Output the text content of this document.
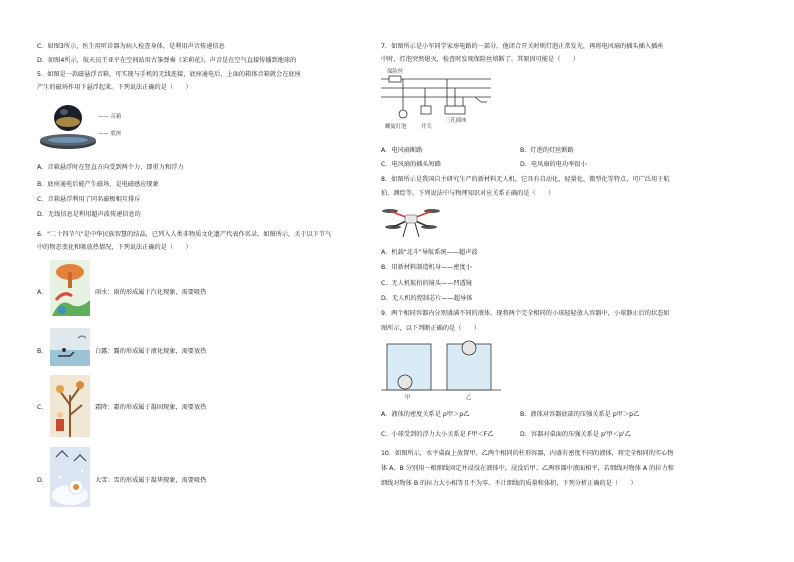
C．如图3所示，医生用听诊器为病人检查身体，是利用声音传递信息
D．如图4所示，航天员王亚平在空间站用古筝弹奏《茉莉花》，声音是在空气直接传播到地球的
5．如图是一款磁悬浮音箱，可实现与手机的无线连接，底座通电后，上面的箱体音箱就会在底座
产生的磁场作用下悬浮起来。下列说法正确的是（　　）
—— 音箱
—— 底座
A．音箱悬浮时在竖直方向受到两个力，即重力和浮力
B．底座通电后能产生磁场，是电磁感应现象
C．音箱悬浮利用了同名磁极相互排斥
D．无线信息是利用超声波传递信息的
6．"二十四节气"是中华民族智慧的结晶，已列入人类非物质文化遗产代表作名录。如图所示，关于以下节气
中的物态变化和吸放热情况，下列说法正确的是（　　）
A．	雨水：雨的形成属于汽化现象，需要吸热
B．	白露：露的形成属于液化现象，需要放热
C．	霜降：霜的形成属于凝固现象，需要放热
D．	大雪：雪的形成属于凝华现象，需要吸热
7．如图所示是小军同学家房电路的一部分。他闭合开关时则灯泡正常发光，再将电风扇的插头插入插座
中时，灯泡突然熄灭，检查时发现保险丝熔断了。其原因可能是（　　）
保险丝
螺旋灯泡	开关
三孔插座
A．电风扇断路	B．灯泡的灯丝断路
C．电风扇的插头短路	D．电风扇的电功率很小
8．如图所示是我国自主研究生产的新材料无人机，它具有自动化、轻量化、微型化等特点，可广泛用于航
拍、测绘等。下列说法中与物理知识对应关系正确的是（　　）
A．机载"北斗"导航系统——超声波
B．用新材料制造机身——密度小
C．无人机航拍的镜头——凹透镜
D．无人机的控制芯片——超导体
9．两个相同容器内分别盛满不同的液体，现将两个完全相同的小球轻轻放入容器中，小球静止后的状态如
图所示，以下判断正确的是（　　）
甲	乙
A．液体的密度关系是 ρ甲＞ρ乙	B．液体对容器底部的压强关系是 p甲＞p乙
C．小球受到的浮力大小关系是 F甲＜F乙	D．容器对桌面的压强关系是 p'甲＜p'乙
10．如图所示，水平桌面上放置甲、乙两个相同的柱形容器，内盛有密度不同的液体，将完全相同的实心物
体 A、B 分别用一根细线固定并浸没在液体中，浸没后甲、乙两容器中液面相平，若细线对物体 A 的拉力和
细线对物体 B 的拉力大小相等且不为零，不计细线的质量和体积，下列分析正确的是（　　）
